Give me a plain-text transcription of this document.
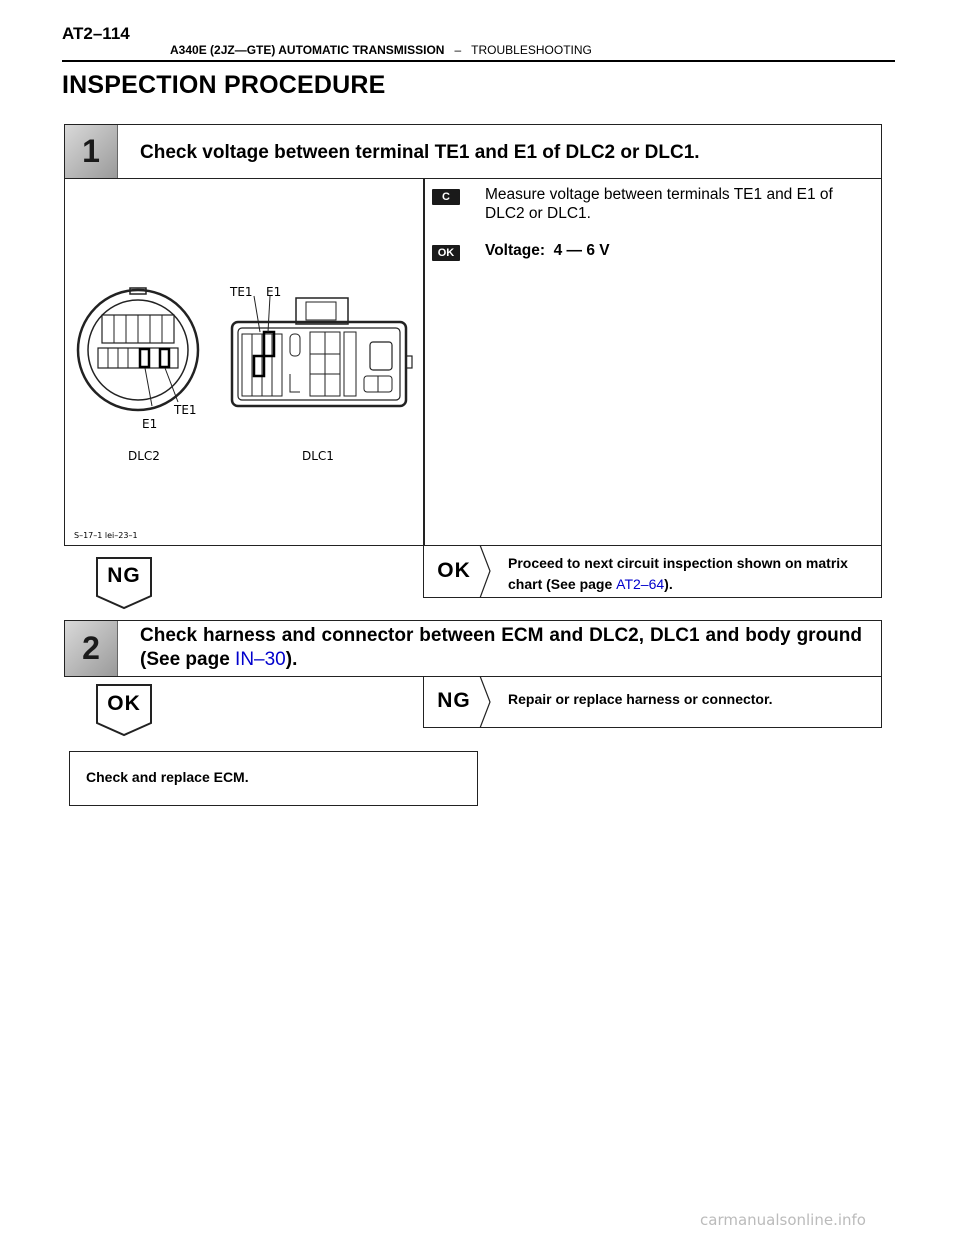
AT2–114
A340E (2JZ—GTE) AUTOMATIC TRANSMISSION – TROUBLESHOOTING
INSPECTION PROCEDURE
1	Check voltage between terminal TE1 and E1 of DLC2 or DLC1.
E1
TE1
TE1 E1
DLC2	DLC1
S–17–1 lei–23–1
C	Measure voltage between terminals TE1 and E1 of DLC2 or DLC1.
OK	Voltage: 4 — 6 V
NG	OK	Proceed to next circuit inspection shown on matrix chart (See page AT2–64).
2	Check harness and connector between ECM and DLC2, DLC1 and body ground (See page IN–30).
OK	NG	Repair or replace harness or connector.
Check and replace ECM.
carmanualsonline.info
